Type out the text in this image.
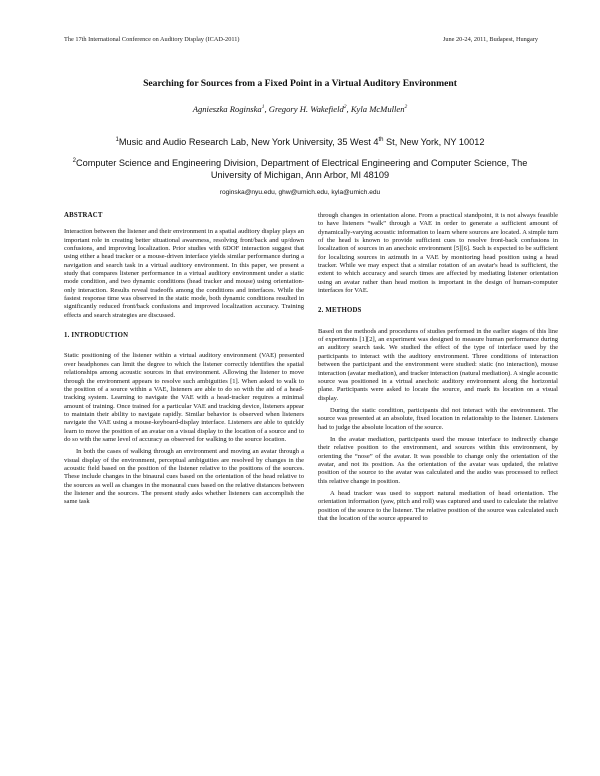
The 17th International Conference on Auditory Display (ICAD-2011)	June 20-24, 2011, Budapest, Hungary
Searching for Sources from a Fixed Point in a Virtual Auditory Environment
Agnieszka Roginska$^1$, Gregory H. Wakefield$^2$, Kyla McMullen$^2$
$^1$Music and Audio Research Lab, New York University, 35 West 4th St, New York, NY 10012
$^2$Computer Science and Engineering Division, Department of Electrical Engineering and Computer Science, The University of Michigan, Ann Arbor, MI 48109
roginska@nyu.edu, ghw@umich.edu, kyla@umich.edu

ABSTRACT

Interaction between the listener and their environment in a spatial auditory display plays an important role in creating better situational awareness, resolving front/back and up/down confusions, and improving localization. Prior studies with 6DOF interaction suggest that using either a head tracker or a mouse-driven interface yields similar performance during a navigation and search task in a virtual auditory environment. In this paper, we present a study that compares listener performance in a virtual auditory environment under a static mode condition, and two dynamic conditions (head tracker and mouse) using orientation-only interaction. Results reveal tradeoffs among the conditions and interfaces. While the fastest response time was observed in the static mode, both dynamic conditions resulted in significantly reduced front/back confusions and improved localization accuracy. Training effects and search strategies are discussed.

1. INTRODUCTION

Static positioning of the listener within a virtual auditory environment (VAE) presented over headphones can limit the degree to which the listener correctly identifies the spatial relationships among acoustic sources in that environment. Allowing the listener to move through the environment appears to resolve such ambiguities [1]. When asked to walk to the position of a source within a VAE, listeners are able to do so with the aid of a head-tracking system. Learning to navigate the VAE with a head-tracker requires a minimal amount of training. Once trained for a particular VAE and tracking device, listeners appear to maintain their ability to navigate rapidly. Similar behavior is observed when listeners navigate the VAE using a mouse-keyboard-display interface. Listeners are able to quickly learn to move the position of an avatar on a visual display to the location of a source and to do so with the same level of accuracy as observed for walking to the source location.

In both the cases of walking through an environment and moving an avatar through a visual display of the environment, perceptual ambiguities are resolved by changes in the acoustic field based on the position of the listener relative to the positions of the sources. These include changes in the binaural cues based on the orientation of the head relative to the sources as well as changes in the monaural cues based on the relative distances between the listener and the sources. The present study asks whether listeners can accomplish the same task

through changes in orientation alone. From a practical standpoint, it is not always feasible to have listeners “walk” through a VAE in order to generate a sufficient amount of dynamically-varying acoustic information to learn where sources are located. A simple turn of the head is known to provide sufficient cues to resolve front-back confusions in localization of sources in an anechoic environment [5][6]. Such is expected to be sufficient for localizing sources in azimuth in a VAE by monitoring head position using a head tracker. While we may expect that a similar rotation of an avatar's head is sufficient, the extent to which accuracy and search times are affected by mediating listener orientation using an avatar rather than head motion is important in the design of human-computer interfaces for VAE.

2. METHODS

Based on the methods and procedures of studies performed in the earlier stages of this line of experiments [1][2], an experiment was designed to measure human performance during an auditory search task. We studied the effect of the type of interface used by the participants to interact with the auditory environment. Three conditions of interaction between the participant and the environment were studied: static (no interaction), mouse interaction (avatar mediation), and tracker interaction (natural mediation). A single acoustic source was positioned in a virtual anechoic auditory environment along the horizontal plane. Participants were asked to locate the source, and mark its location on a visual display.

During the static condition, participants did not interact with the environment. The source was presented at an absolute, fixed location in relationship to the listener. Listeners had to judge the absolute location of the source.

In the avatar mediation, participants used the mouse interface to indirectly change their relative position to the environment, and sources within this environment, by orienting the “nose” of the avatar. It was possible to change only the orientation of the avatar, and not its position. As the orientation of the avatar was updated, the relative position of the source to the avatar was calculated and the audio was processed to reflect this relative change in position.

A head tracker was used to support natural mediation of head orientation. The orientation information (yaw, pitch and roll) was captured and used to calculate the relative position of the source to the listener. The relative position of the source was calculated such that the location of the source appeared to
